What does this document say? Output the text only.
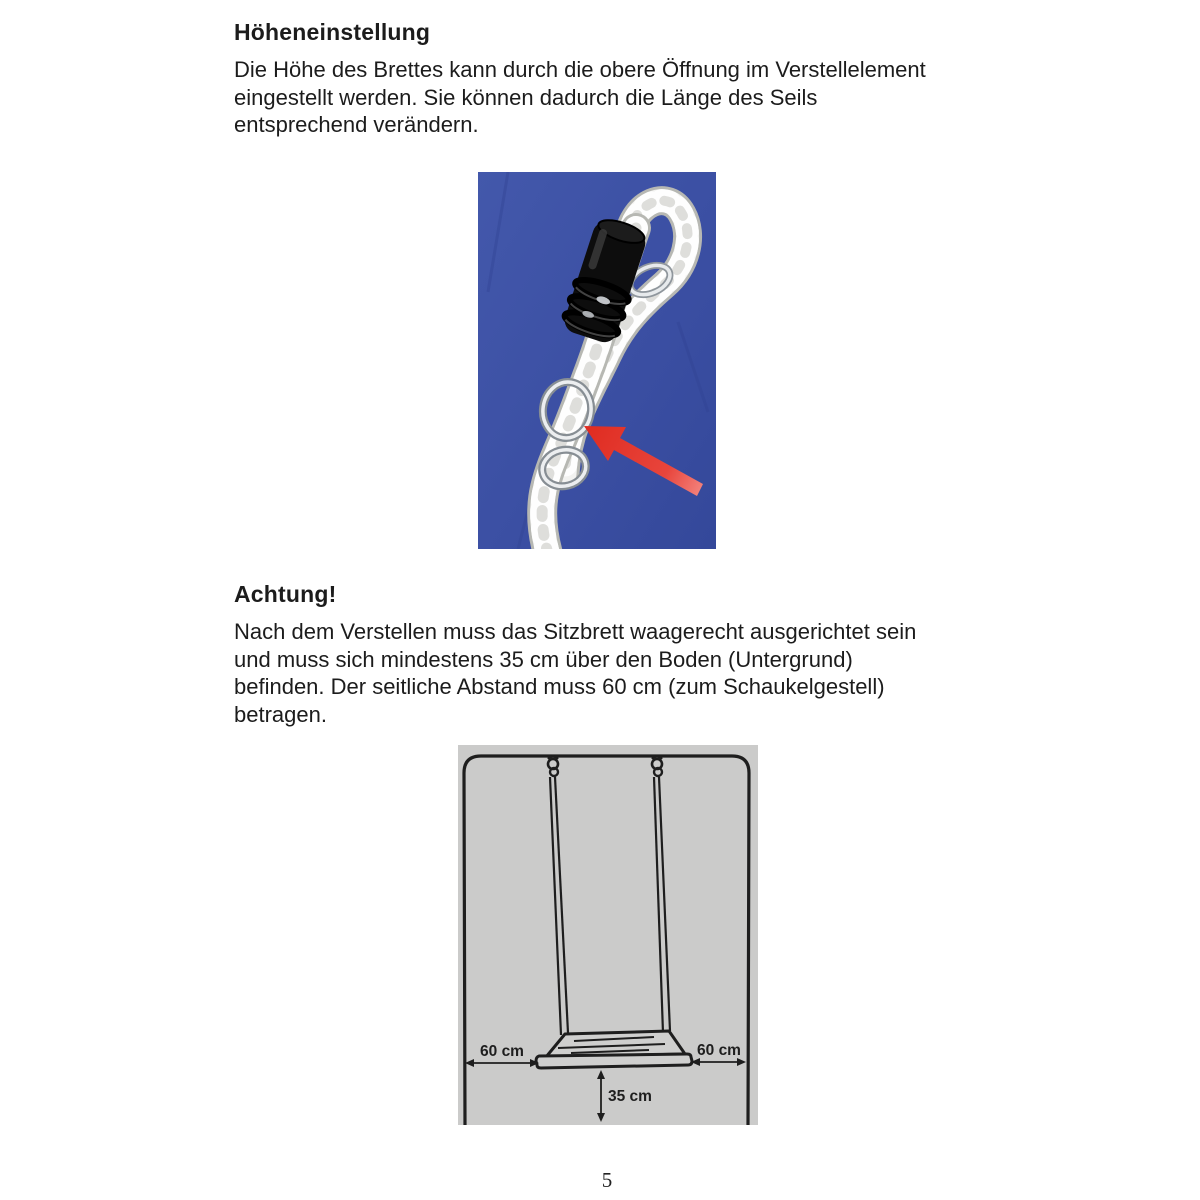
Höheneinstellung
Die Höhe des Brettes kann durch die obere Öffnung im Verstellelement
eingestellt werden. Sie können dadurch die Länge des Seils
entsprechend verändern.
Achtung!
Nach dem Verstellen muss das Sitzbrett waagerecht ausgerichtet sein
und muss sich mindestens 35 cm über den Boden (Untergrund)
befinden. Der seitliche Abstand muss 60 cm (zum Schaukelgestell)
betragen.
60 cm	60 cm
35 cm
5
